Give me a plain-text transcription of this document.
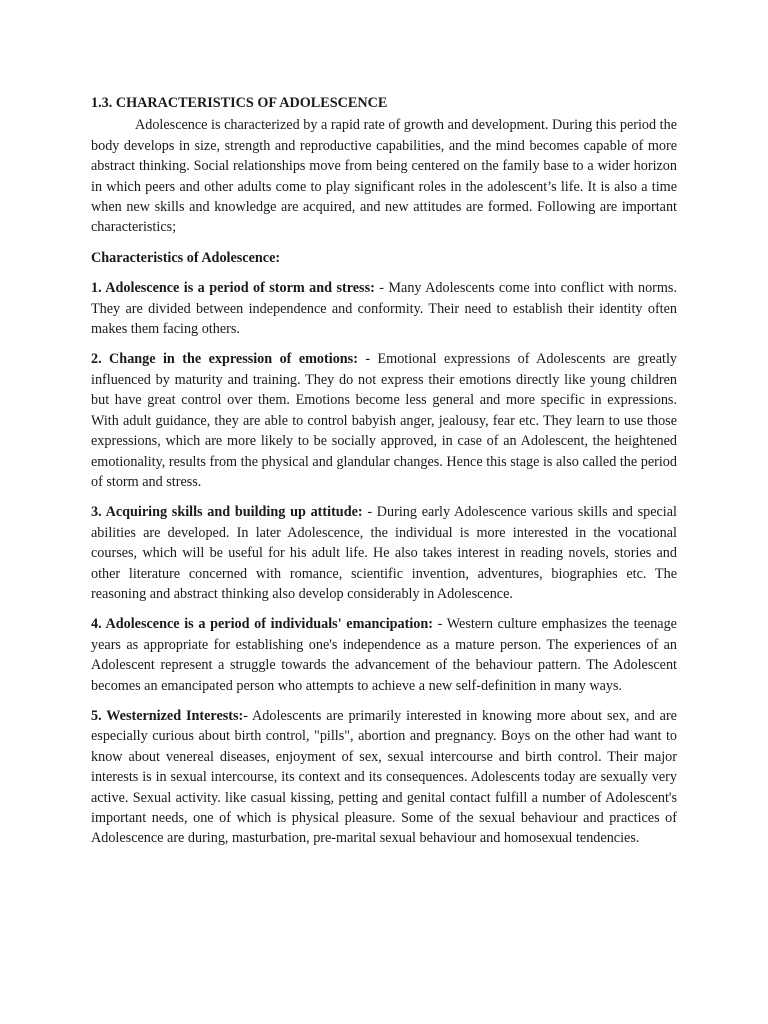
1.3. CHARACTERISTICS OF ADOLESCENCE

Adolescence is characterized by a rapid rate of growth and development. During this period the body develops in size, strength and reproductive capabilities, and the mind becomes capable of more abstract thinking. Social relationships move from being centered on the family base to a wider horizon in which peers and other adults come to play significant roles in the adolescent’s life. It is also a time when new skills and knowledge are acquired, and new attitudes are formed. Following are important characteristics;

Characteristics of Adolescence:

1. Adolescence is a period of storm and stress: - Many Adolescents come into conflict with norms. They are divided between independence and conformity. Their need to establish their identity often makes them facing others.

2. Change in the expression of emotions: - Emotional expressions of Adolescents are greatly influenced by maturity and training. They do not express their emotions directly like young children but have great control over them. Emotions become less general and more specific in expressions. With adult guidance, they are able to control babyish anger, jealousy, fear etc. They learn to use those expressions, which are more likely to be socially approved, in case of an Adolescent, the heightened emotionality, results from the physical and glandular changes. Hence this stage is also called the period of storm and stress.

3. Acquiring skills and building up attitude: - During early Adolescence various skills and special abilities are developed. In later Adolescence, the individual is more interested in the vocational courses, which will be useful for his adult life. He also takes interest in reading novels, stories and other literature concerned with romance, scientific invention, adventures, biographies etc. The reasoning and abstract thinking also develop considerably in Adolescence.

4. Adolescence is a period of individuals' emancipation: - Western culture emphasizes the teenage years as appropriate for establishing one's independence as a mature person. The experiences of an Adolescent represent a struggle towards the advancement of the behaviour pattern. The Adolescent becomes an emancipated person who attempts to achieve a new self-definition in many ways.

5. Westernized Interests:- Adolescents are primarily interested in knowing more about sex, and are especially curious about birth control, "pills", abortion and pregnancy. Boys on the other had want to know about venereal diseases, enjoyment of sex, sexual intercourse and birth control. Their major interests is in sexual intercourse, its context and its consequences. Adolescents today are sexually very active. Sexual activity. like casual kissing, petting and genital contact fulfill a number of Adolescent's important needs, one of which is physical pleasure. Some of the sexual behaviour and practices of Adolescence are during, masturbation, pre-marital sexual behaviour and homosexual tendencies.
